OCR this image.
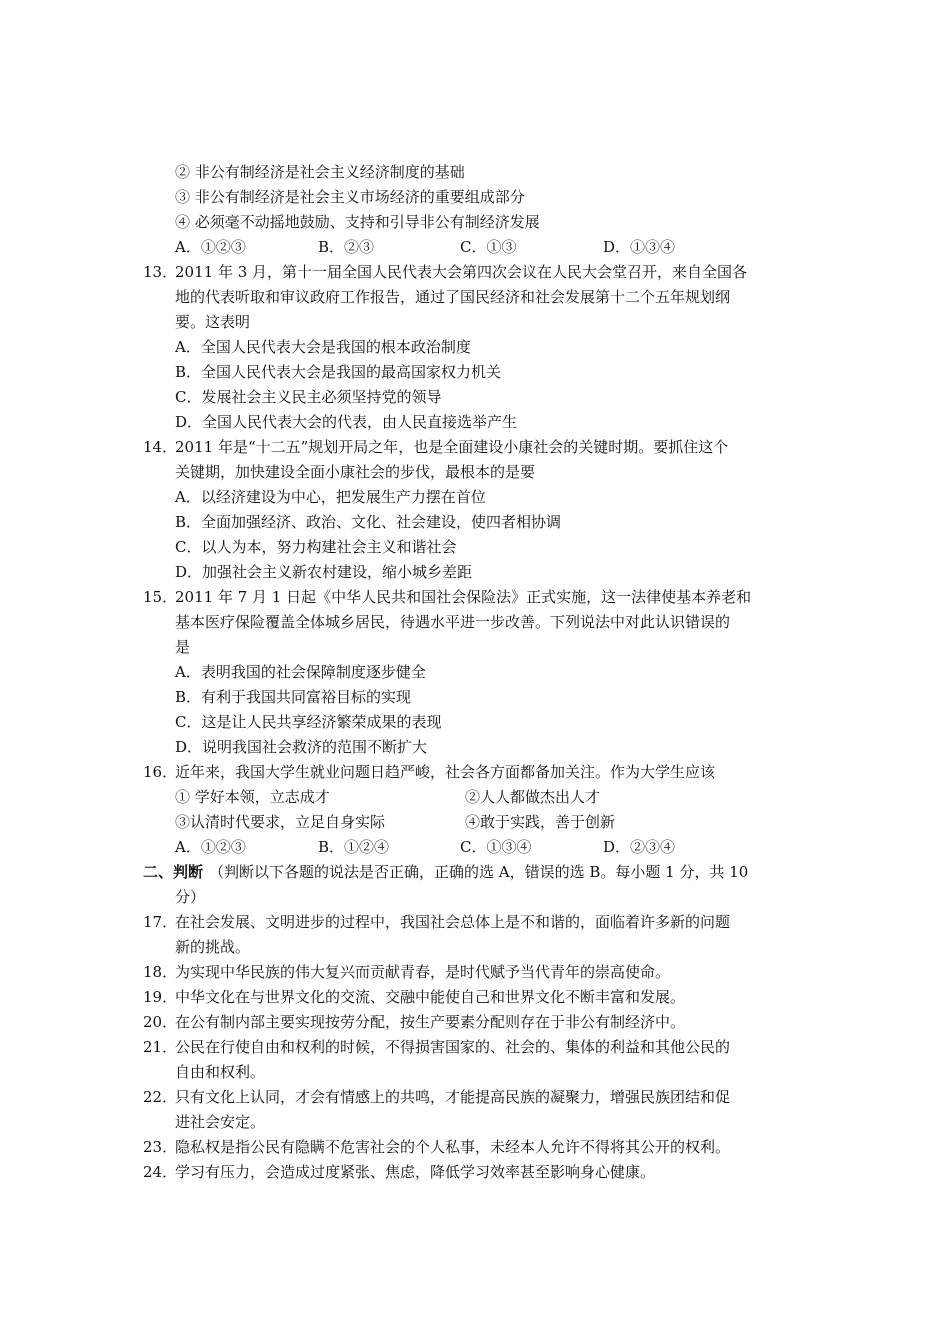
② 非公有制经济是社会主义经济制度的基础
③ 非公有制经济是社会主义市场经济的重要组成部分
④ 必须毫不动摇地鼓励、支持和引导非公有制经济发展
A．①②③	B．②③	C．①③	D．①③④
13．
2011 年 3 月，第十一届全国人民代表大会第四次会议在人民大会堂召开，来自全国各
地的代表听取和审议政府工作报告，通过了国民经济和社会发展第十二个五年规划纲
要。这表明
A．全国人民代表大会是我国的根本政治制度
B．全国人民代表大会是我国的最高国家权力机关
C．发展社会主义民主必须坚持党的领导
D．全国人民代表大会的代表，由人民直接选举产生
14．
2011 年是“十二五”规划开局之年，也是全面建设小康社会的关键时期。要抓住这个
关键期，加快建设全面小康社会的步伐，最根本的是要
A．以经济建设为中心，把发展生产力摆在首位
B．全面加强经济、政治、文化、社会建设，使四者相协调
C．以人为本，努力构建社会主义和谐社会
D．加强社会主义新农村建设，缩小城乡差距
15．
2011 年 7 月 1 日起《中华人民共和国社会保险法》正式实施，这一法律使基本养老和
基本医疗保险覆盖全体城乡居民，待遇水平进一步改善。下列说法中对此认识错误的
是
A．表明我国的社会保障制度逐步健全
B．有利于我国共同富裕目标的实现
C．这是让人民共享经济繁荣成果的表现
D．说明我国社会救济的范围不断扩大
16．
近年来，我国大学生就业问题日趋严峻，社会各方面都备加关注。作为大学生应该
① 学好本领，立志成才	②人人都做杰出人才
③认清时代要求，立足自身实际	④敢于实践，善于创新
A．①②③	B．①②④	C．①③④	D．②③④
二、判断 （判断以下各题的说法是否正确，正确的选 A，错误的选 B。每小题 1 分，共 10
分）
17．
在社会发展、文明进步的过程中，我国社会总体上是不和谐的，面临着许多新的问题
新的挑战。
18．
为实现中华民族的伟大复兴而贡献青春，是时代赋予当代青年的崇高使命。
19．
中华文化在与世界文化的交流、交融中能使自己和世界文化不断丰富和发展。
20．
在公有制内部主要实现按劳分配，按生产要素分配则存在于非公有制经济中。
21．
公民在行使自由和权利的时候，不得损害国家的、社会的、集体的利益和其他公民的
自由和权利。
22．
只有文化上认同，才会有情感上的共鸣，才能提高民族的凝聚力，增强民族团结和促
进社会安定。
23．
隐私权是指公民有隐瞒不危害社会的个人私事，未经本人允许不得将其公开的权利。
24．
学习有压力，会造成过度紧张、焦虑，降低学习效率甚至影响身心健康。
